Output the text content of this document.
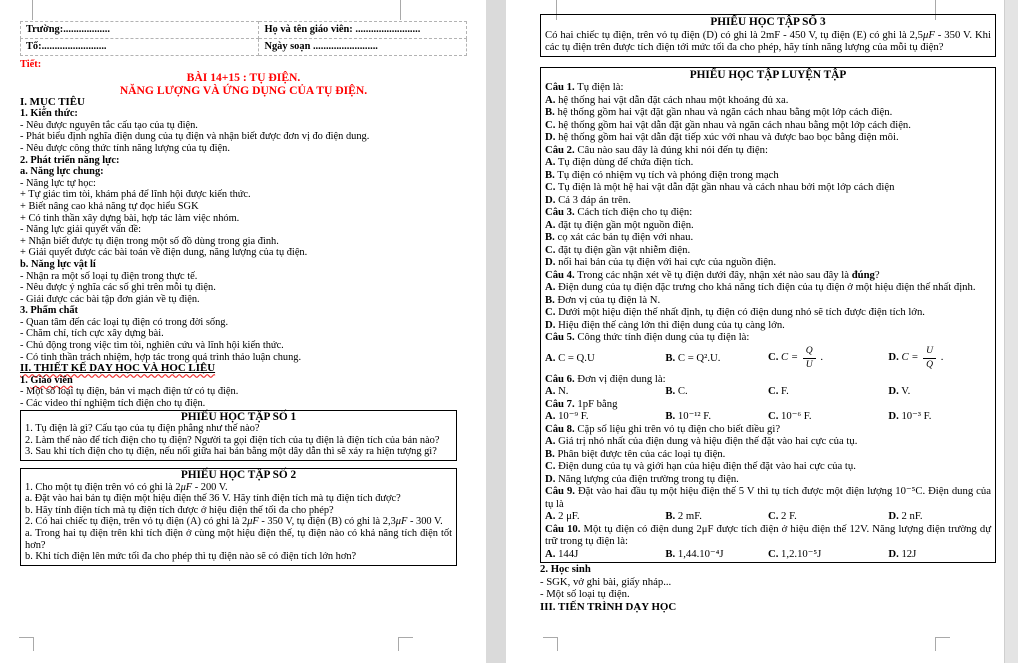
Trường:..................	Họ và tên giáo viên: .........................
Tổ:.........................	Ngày soạn .........................
Tiết:
BÀI 14+15 : TỤ ĐIỆN.
NĂNG LƯỢNG VÀ ỨNG DỤNG CỦA TỤ ĐIỆN.
I. MỤC TIÊU
1. Kiến thức:
- Nêu được nguyên tắc cấu tạo của tụ điện.
- Phát biểu định nghĩa điện dung của tụ điện và nhận biết được đơn vị đo điện dung.
- Nêu được công thức tính năng lượng của tụ điện.
2. Phát triển năng lực:
a. Năng lực chung:
- Năng lực tự học:
+ Tự giác tìm tòi, khám phá để lĩnh hội được kiến thức.
+ Biết nâng cao khả năng tự đọc hiểu SGK
+ Có tinh thần xây dựng bài, hợp tác làm việc nhóm.
- Năng lực giải quyết vấn đề:
+ Nhận biết được tụ điện trong một số đồ dùng trong gia đình.
+ Giải quyết được các bài toán về điện dung, năng lượng của tụ điện.
b. Năng lực vật lí
- Nhận ra một số loại tụ điện trong thực tế.
- Nêu được ý nghĩa các số ghi trên mỗi tụ điện.
- Giải được các bài tập đơn giản về tụ điện.
3. Phẩm chất
- Quan tâm đến các loại tụ điện có trong đời sống.
- Chăm chỉ, tích cực xây dựng bài.
- Chủ động trong việc tìm tòi, nghiên cứu và lĩnh hội kiến thức.
- Có tinh thần trách nhiệm, hợp tác trong quá trình thảo luận chung.
II. THIẾT KẾ DẠY HỌC VÀ HỌC LIỆU
1. Giáo viên
- Một số loại tụ điện, bản vi mạch điện tử có tụ điện.
- Các video thí nghiệm tích điện cho tụ điện.
PHIẾU HỌC TẬP SỐ 1
1. Tụ điện là gì? Cấu tạo của tụ điện phẳng như thế nào?
2. Làm thế nào để tích điện cho tụ điện? Người ta gọi điện tích của tụ điện là điện tích của bản nào?
3. Sau khi tích điện cho tụ điện, nếu nối giữa hai bản bằng một dây dẫn thì sẽ xảy ra hiện tượng gì?
PHIẾU HỌC TẬP SỐ 2
1. Cho một tụ điện trên vỏ có ghi là 2μF - 200 V.
a. Đặt vào hai bản tụ điện một hiệu điện thế 36 V. Hãy tính điện tích mà tụ điện tích được?
b. Hãy tính điện tích mà tụ điện tích được ở hiệu điện thế tối đa cho phép?
2. Có hai chiếc tụ điện, trên vỏ tụ điện (A) có ghi là 2μF - 350 V, tụ điện (B) có ghi là 2,3μF - 300 V.
a. Trong hai tụ điện trên khi tích điện ở cùng một hiệu điện thế, tụ điện nào có khả năng tích điện tốt hơn?
b. Khi tích điện lên mức tối đa cho phép thì tụ điện nào sẽ có điện tích lớn hơn?
PHIẾU HỌC TẬP SỐ 3
Có hai chiếc tụ điện, trên vỏ tụ điện (D) có ghi là 2mF - 450 V, tụ điện (E) có ghi là 2,5μF - 350 V. Khi các tụ điện trên được tích điện tới mức tối đa cho phép, hãy tính năng lượng của mỗi tụ điện?
PHIẾU HỌC TẬP LUYỆN TẬP
Câu 1. Tụ điện là:
A. hệ thống hai vật dẫn đặt cách nhau một khoảng đủ xa.
B. hệ thống gồm hai vật đặt gần nhau và ngăn cách nhau bằng một lớp cách điện.
C. hệ thống gồm hai vật dẫn đặt gần nhau và ngăn cách nhau bằng một lớp cách điện.
D. hệ thống gồm hai vật dẫn đặt tiếp xúc với nhau và được bao bọc bằng điện môi.
Câu 2. Câu nào sau đây là đúng khi nói đến tụ điện:
A. Tụ điện dùng để chứa điện tích.
B. Tụ điện có nhiệm vụ tích và phóng điện trong mạch
C. Tụ điện là một hệ hai vật dẫn đặt gần nhau và cách nhau bởi một lớp cách điện
D. Cả 3 đáp án trên.
Câu 3. Cách tích điện cho tụ điện:
A. đặt tụ điện gần một nguồn điện.
B. cọ xát các bản tụ điện với nhau.
C. đặt tụ điện gần vật nhiễm điện.
D. nối hai bản của tụ điện với hai cực của nguồn điện.
Câu 4. Trong các nhận xét về tụ điện dưới đây, nhận xét nào sau đây là đúng?
A. Điện dung của tụ điện đặc trưng cho khả năng tích điện của tụ điện ở một hiệu điện thế nhất định.
B. Đơn vị của tụ điện là N.
C. Dưới một hiệu điện thế nhất định, tụ điện có điện dung nhỏ sẽ tích được điện tích lớn.
D. Hiệu điện thế càng lớn thì điện dung của tụ càng lớn.
Câu 5. Công thức tính điện dung của tụ điện là:
A. C = Q.U	B. C = Q².U.	C. $C = \frac{Q}{U}$ .	D. $C = \frac{U}{Q}$ .
Câu 6. Đơn vị điện dung là:
A. N.	B. C.	C. F.	D. V.
Câu 7. 1pF bằng
A. 10⁻⁹ F.	B. 10⁻¹² F.	C. 10⁻⁶ F.	D. 10⁻³ F.
Câu 8. Cặp số liệu ghi trên vỏ tụ điện cho biết điều gì?
A. Giá trị nhỏ nhất của điện dung và hiệu điện thế đặt vào hai cực của tụ.
B. Phân biệt được tên của các loại tụ điện.
C. Điện dung của tụ và giới hạn của hiệu điện thế đặt vào hai cực của tụ.
D. Năng lượng của điện trường trong tụ điện.
Câu 9. Đặt vào hai đầu tụ một hiệu điện thế 5 V thì tụ tích được một điện lượng 10⁻⁵C. Điện dung của tụ là
A. 2 μF.	B. 2 mF.	C. 2 F.	D. 2 nF.
Câu 10. Một tụ điện có điện dung 2μF được tích điện ở hiệu điện thế 12V. Năng lượng điện trường dự trữ trong tụ điện là:
A. 144J	B. 1,44.10⁻⁴J	C. 1,2.10⁻⁵J	D. 12J
2. Học sinh
- SGK, vở ghi bài, giấy nháp...
- Một số loại tụ điện.
III. TIẾN TRÌNH DẠY HỌC
